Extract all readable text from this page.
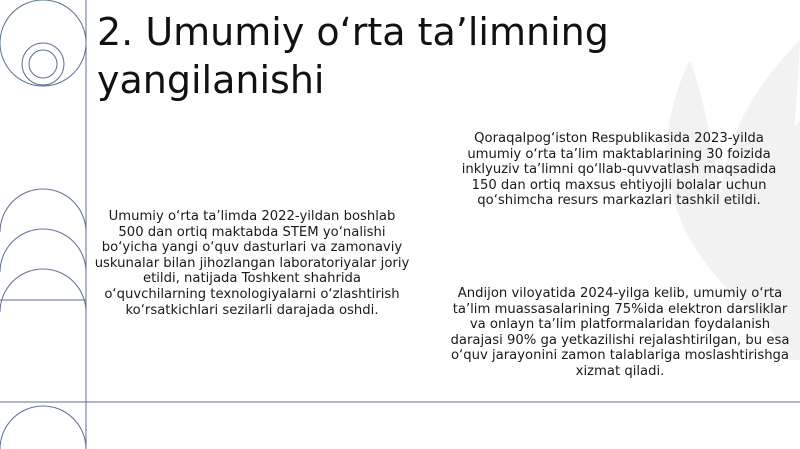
2. Umumiy o‘rta ta’limning yangilanishi
Umumiy o‘rta ta’limda 2022-yildan boshlab 500 dan ortiq maktabda STEM yo‘nalishi bo‘yicha yangi o‘quv dasturlari va zamonaviy uskunalar bilan jihozlangan laboratoriyalar joriy etildi, natijada Toshkent shahrida o‘quvchilarning texnologiyalarni o‘zlashtirish ko‘rsatkichlari sezilarli darajada oshdi.
Qoraqalpog‘iston Respublikasida 2023-yilda umumiy o‘rta ta’lim maktablarining 30 foizida inklyuziv ta’limni qo‘llab-quvvatlash maqsadida 150 dan ortiq maxsus ehtiyojli bolalar uchun qo‘shimcha resurs markazlari tashkil etildi.
Andijon viloyatida 2024-yilga kelib, umumiy o‘rta ta’lim muassasalarining 75%ida elektron darsliklar va onlayn ta’lim platformalaridan foydalanish darajasi 90% ga yetkazilishi rejalashtirilgan, bu esa o‘quv jarayonini zamon talablariga moslashtirishga xizmat qiladi.
